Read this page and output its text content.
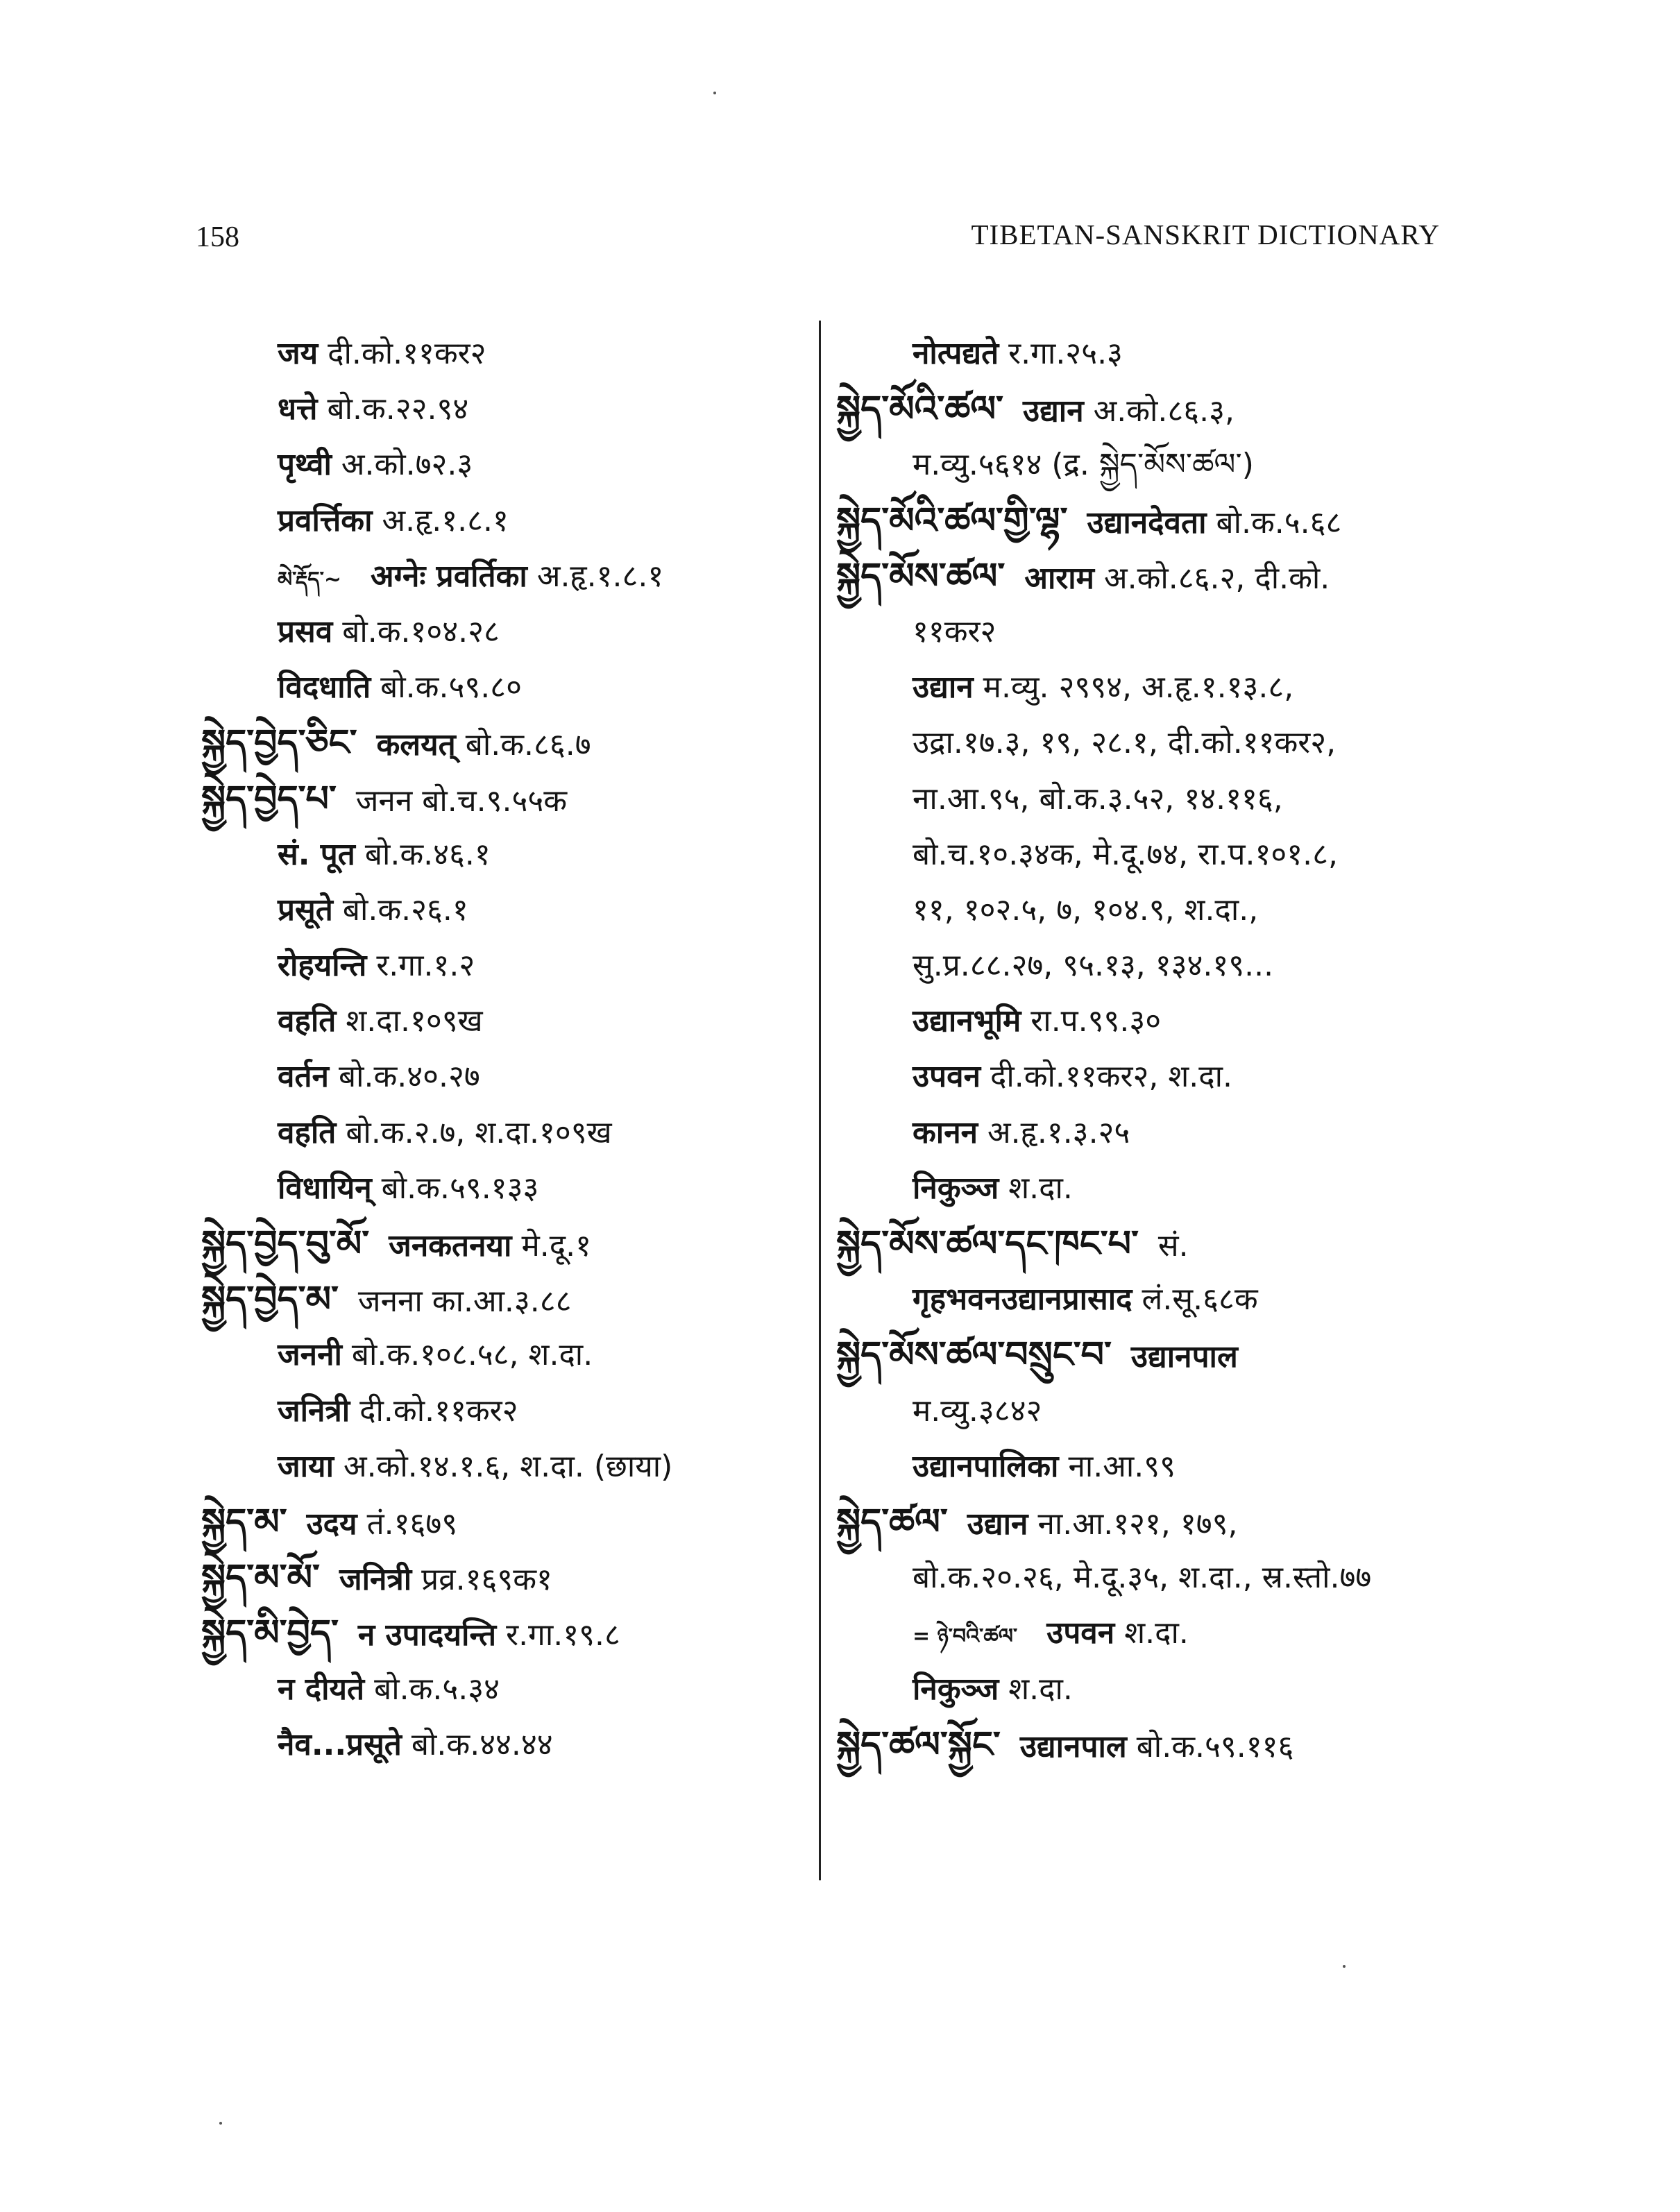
158	TIBETAN-SANSKRIT DICTIONARY
जय दी.को.११कर२
धत्ते बो.क.२२.९४
पृथ्वी अ.को.७२.३
प्रवर्त्तिका अ.हृ.१.८.१
མེ་རྡོད་~ अग्नेः प्रवर्तिका अ.हृ.१.८.१
प्रसव बो.क.१०४.२८
विदधाति बो.क.५९.८०
སྐྱེད་བྱེད་ཅིང་ कलयत् बो.क.८६.७
སྐྱེད་བྱེད་པ་ जनन बो.च.९.५५क
सं. पूत बो.क.४६.१
प्रसूते बो.क.२६.१
रोहयन्ति र.गा.१.२
वहति श.दा.१०९ख
वर्तन बो.क.४०.२७
वहति बो.क.२.७, श.दा.१०९ख
विधायिन् बो.क.५९.१३३
སྐྱེད་བྱེད་བུ་མོ་ जनकतनया मे.दू.१
སྐྱེད་བྱེད་མ་ जनना का.आ.३.८८
जननी बो.क.१०८.५८, श.दा.
जनित्री दी.को.११कर२
जाया अ.को.१४.१.६, श.दा. (छाया)
སྐྱེད་མ་ उदय तं.१६७९
སྐྱེད་མ་མོ་ जनित्री प्रव्र.१६९क१
སྐྱེད་མི་བྱེད་ न उपादयन्ति र.गा.१९.८
न दीयते बो.क.५.३४
नैव...प्रसूते बो.क.४४.४४
नोत्पद्यते र.गा.२५.३
སྐྱེད་མོའི་ཚལ་ उद्यान अ.को.८६.३,
म.व्यु.५६१४ (द्र. སྐྱེད་མོས་ཚལ་)
སྐྱེད་མོའི་ཚལ་གྱི་ལྷ་ उद्यानदेवता बो.क.५.६८
སྐྱེད་མོས་ཚལ་ आराम अ.को.८६.२, दी.को.
११कर२
उद्यान म.व्यु. २९९४, अ.हृ.१.१३.८,
उद्रा.१७.३, १९, २८.१, दी.को.११कर२,
ना.आ.९५, बो.क.३.५२, १४.११६,
बो.च.१०.३४क, मे.दू.७४, रा.प.१०१.८,
११, १०२.५, ७, १०४.९, श.दा.,
सु.प्र.८८.२७, ९५.१३, १३४.१९...
उद्यानभूमि रा.प.९९.३०
उपवन दी.को.११कर२, श.दा.
कानन अ.हृ.१.३.२५
निकुञ्ज श.दा.
སྐྱེད་མོས་ཚལ་དང་ཁང་པ་ सं.
गृहभवनउद्यानप्रासाद लं.सू.६८क
སྐྱེད་མོས་ཚལ་བསྲུང་བ་ उद्यानपाल
म.व्यु.३८४२
उद्यानपालिका ना.आ.९९
སྐྱེད་ཚལ་ उद्यान ना.आ.१२१, १७९,
बो.क.२०.२६, मे.दू.३५, श.दा., स्र.स्तो.७७
= ཉེ་བའི་ཚལ་ उपवन श.दा.
निकुञ्ज श.दा.
སྐྱེད་ཚལ་སྐྱོང་ उद्यानपाल बो.क.५९.११६
